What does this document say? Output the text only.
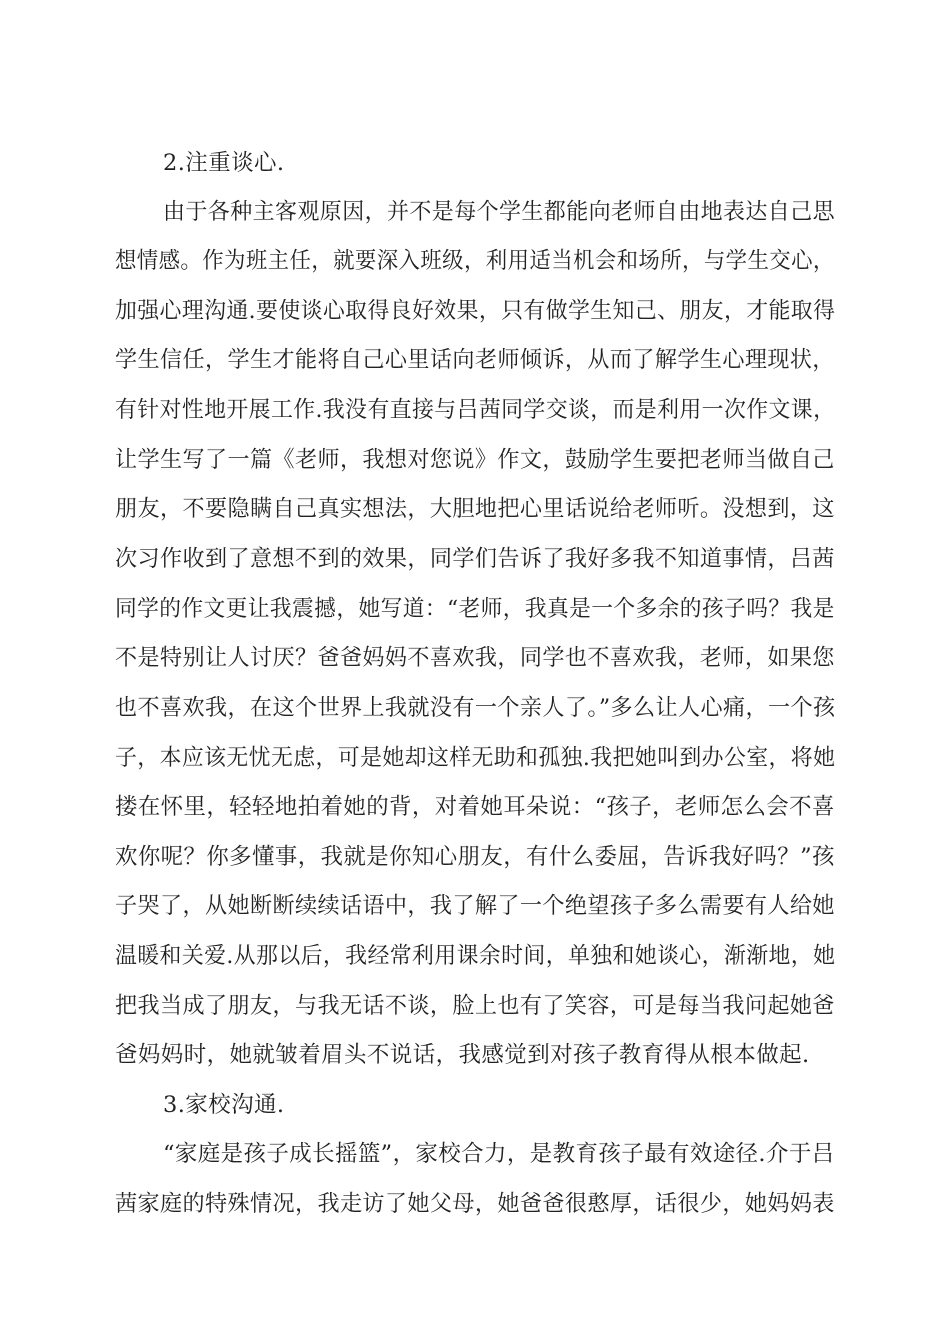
2.注重谈心.
由于各种主客观原因，并不是每个学生都能向老师自由地表达自己思
想情感。作为班主任，就要深入班级，利用适当机会和场所，与学生交心，
加强心理沟通.要使谈心取得良好效果，只有做学生知己、朋友，才能取得
学生信任，学生才能将自己心里话向老师倾诉，从而了解学生心理现状，
有针对性地开展工作.我没有直接与吕茜同学交谈，而是利用一次作文课，
让学生写了一篇《老师，我想对您说》作文，鼓励学生要把老师当做自己
朋友，不要隐瞒自己真实想法，大胆地把心里话说给老师听。没想到，这
次习作收到了意想不到的效果，同学们告诉了我好多我不知道事情，吕茜
同学的作文更让我震撼，她写道：“老师，我真是一个多余的孩子吗？我是
不是特别让人讨厌？爸爸妈妈不喜欢我，同学也不喜欢我，老师，如果您
也不喜欢我，在这个世界上我就没有一个亲人了。”多么让人心痛，一个孩
子，本应该无忧无虑，可是她却这样无助和孤独.我把她叫到办公室，将她
搂在怀里，轻轻地拍着她的背，对着她耳朵说：“孩子，老师怎么会不喜
欢你呢？你多懂事，我就是你知心朋友，有什么委屈，告诉我好吗？”孩
子哭了，从她断断续续话语中，我了解了一个绝望孩子多么需要有人给她
温暖和关爱.从那以后，我经常利用课余时间，单独和她谈心，渐渐地，她
把我当成了朋友，与我无话不谈，脸上也有了笑容，可是每当我问起她爸
爸妈妈时，她就皱着眉头不说话，我感觉到对孩子教育得从根本做起.
3.家校沟通.
“家庭是孩子成长摇篮”，家校合力，是教育孩子最有效途径.介于吕
茜家庭的特殊情况，我走访了她父母，她爸爸很憨厚，话很少，她妈妈表
